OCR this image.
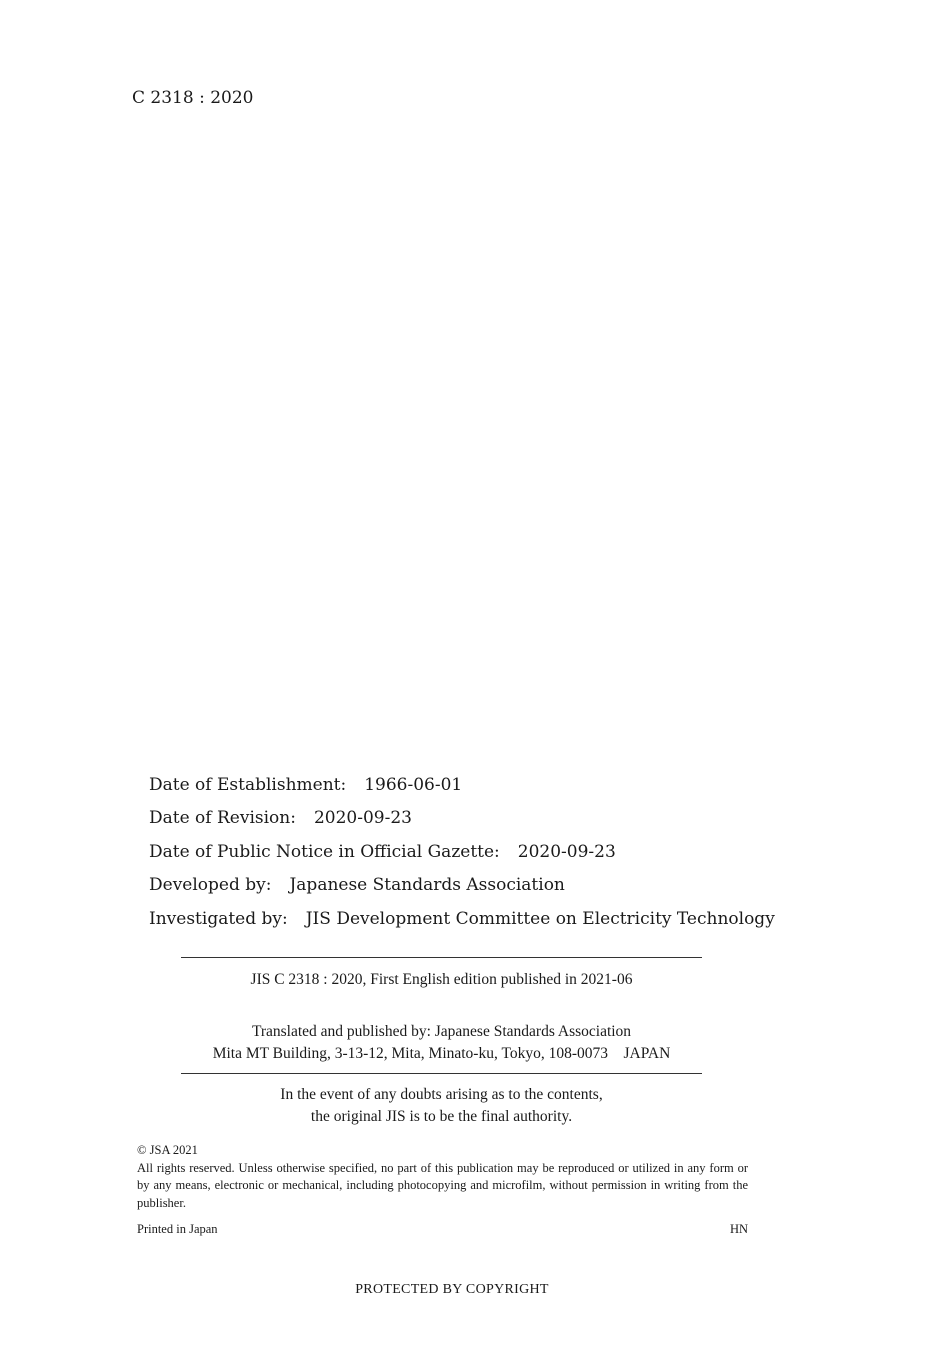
C 2318 : 2020
Date of Establishment: 1966-06-01
Date of Revision: 2020-09-23
Date of Public Notice in Official Gazette: 2020-09-23
Developed by: Japanese Standards Association
Investigated by: JIS Development Committee on Electricity Technology
JIS C 2318 : 2020, First English edition published in 2021-06
Translated and published by: Japanese Standards Association
Mita MT Building, 3-13-12, Mita, Minato-ku, Tokyo, 108-0073　JAPAN
In the event of any doubts arising as to the contents,
the original JIS is to be the final authority.

© JSA 2021

All rights reserved. Unless otherwise specified, no part of this publication may be reproduced or utilized in any form or by any means, electronic or mechanical, including photocopying and microfilm, without permission in writing from the publisher.

Printed in Japan	HN
PROTECTED BY COPYRIGHT
